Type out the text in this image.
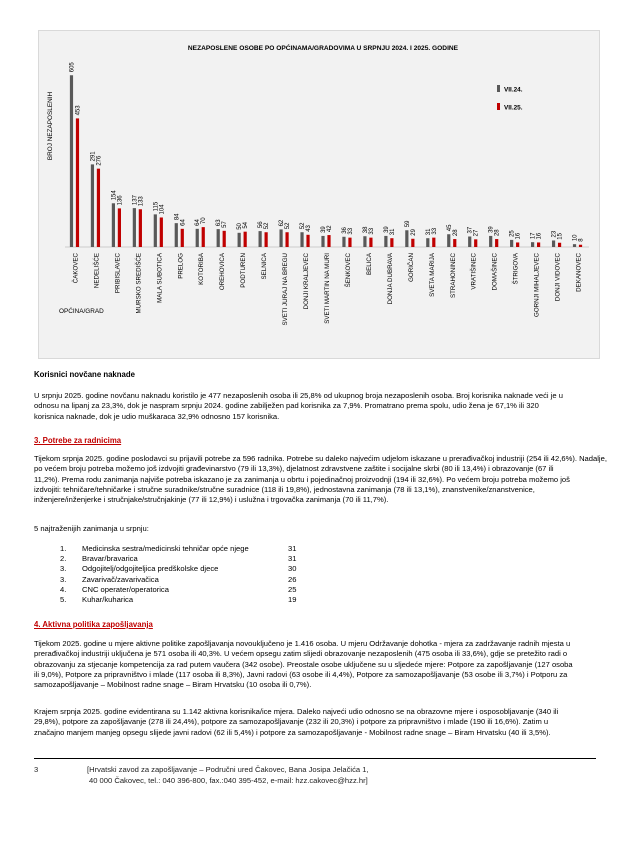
NEZAPOSLENE OSOBE PO OPĆINAMA/GRADOVIMA U SRPNJU 2024. I 2025. GODINE
BROJ NEZAPOSLENIH
OPĆINA/GRAD
605
453
ČAKOVEC
291 276
NEDELIŠĆE
154
136
PRIBISLAVEC
137 133
MURSKO SREDIŠĆE
115 104
MALA SUBOTICA
84
64
PRELOG
64 70
KOTORIBA
63 57
OREHOVICA
50 54
PODTUREN
56 52
SELNICA
62 52
SVETI JURAJ NA BREGU
52 43
DONJI KRALJEVEC
39 42
SVETI MARTIN NA MURI
36 33
ŠENKOVEC
38 33
BELICA
39 31
DONJA DUBRAVA
59
29
GORIČAN
31 33
SVETA MARIJA
45
28
STRAHONINEC
37 27
VRATIŠINEC
39 28
DOMAŠINEC
25 16
ŠTRIGOVA
17 16
GORNJI MIHALJEVEC
23 15
DONJI VIDOVEC
10 8
DEKANOVEC
VII.24.
VII.25.
Korisnici novčane naknade
U srpnju 2025. godine novčanu naknadu koristilo je 477 nezaposlenih osoba ili 25,8% od ukupnog broja nezaposlenih osoba. Broj korisnika naknade veći je u
odnosu na lipanj za 23,3%, dok je naspram srpnju 2024. godine zabilježen pad korisnika za 7,9%. Promatrano prema spolu, udio žena je 67,1% ili 320
korisnica naknade, dok je udio muškaraca 32,9% odnosno 157 korisnika.
3. Potrebe za radnicima
Tijekom srpnja 2025. godine poslodavci su prijavili potrebe za 596 radnika. Potrebe su daleko najvećim udjelom iskazane u prerađivačkoj industriji (254 ili 42,6%). Nadalje,
po većem broju potreba možemo još izdvojiti građevinarstvo (79 ili 13,3%), djelatnost zdravstvene zaštite i socijalne skrbi (80 ili 13,4%) i obrazovanje (67 ili
11,2%). Prema rodu zanimanja najviše potreba iskazano je za zanimanja u obrtu i pojedinačnoj proizvodnji (194 ili 32,6%). Po većem broju potreba možemo još
izdvojiti: tehničare/tehničarke i stručne suradnike/stručne suradnice (118 ili 19,8%), jednostavna zanimanja (78 ili 13,1%), znanstvenike/znanstvenice,
inženjere/inženjerke i stručnjake/stručnjakinje (77 ili 12,9%) i uslužna i trgovačka zanimanja (70 ili 11,7%).
5 najtraženijih zanimanja u srpnju:
1. Medicinska sestra/medicinski tehničar opće njege	31
2. Bravar/bravarica	31
3. Odgojitelj/odgojiteljica predškolske djece	30
3. Zavarivač/zavarivačica	26
4. CNC operater/operatorica	25
5. Kuhar/kuharica	19
4. Aktivna politika zapošljavanja
Tijekom 2025. godine u mjere aktivne politike zapošljavanja novouključeno je 1.416 osoba. U mjeru Održavanje dohotka - mjera za zadržavanje radnih mjesta u
prerađivačkoj industriji uključena je 571 osoba ili 40,3%. U većem opsegu zatim slijedi obrazovanje nezaposlenih (475 osoba ili 33,6%), gdje se pretežito radi o
obrazovanju za stjecanje kompetencija za rad putem vaučera (342 osobe). Preostale osobe uključene su u sljedeće mjere: Potpore za zapošljavanje (127 osoba
ili 9,0%), Potpore za pripravništvo i mlade (117 osoba ili 8,3%), Javni radovi (63 osobe ili 4,4%), Potpore za samozapošljavanje (53 osobe ili 3,7%) i Potporu za
samozapošljavanje – Mobilnost radne snage – Biram Hrvatsku (10 osoba ili 0,7%).
Krajem srpnja 2025. godine evidentirana su 1.142 aktivna korisnika/ice mjera. Daleko najveći udio odnosno se na obrazovne mjere i osposobljavanje (340 ili
29,8%), potpore za zapošljavanje (278 ili 24,4%), potpore za samozapošljavanje (232 ili 20,3%) i potpore za pripravništvo i mlade (190 ili 16,6%). Zatim u
značajno manjem manjeg opsegu slijede javni radovi (62 ili 5,4%) i potpore za samozapošljavanje - Mobilnost radne snage – Biram Hrvatsku (40 ili 3,5%).
3	[Hrvatski zavod za zapošljavanje – Područni ured Čakovec, Bana Josipa Jelačića 1,
40 000 Čakovec, tel.: 040 396-800, fax.:040 395-452, e-mail: hzz.cakovec@hzz.hr]
